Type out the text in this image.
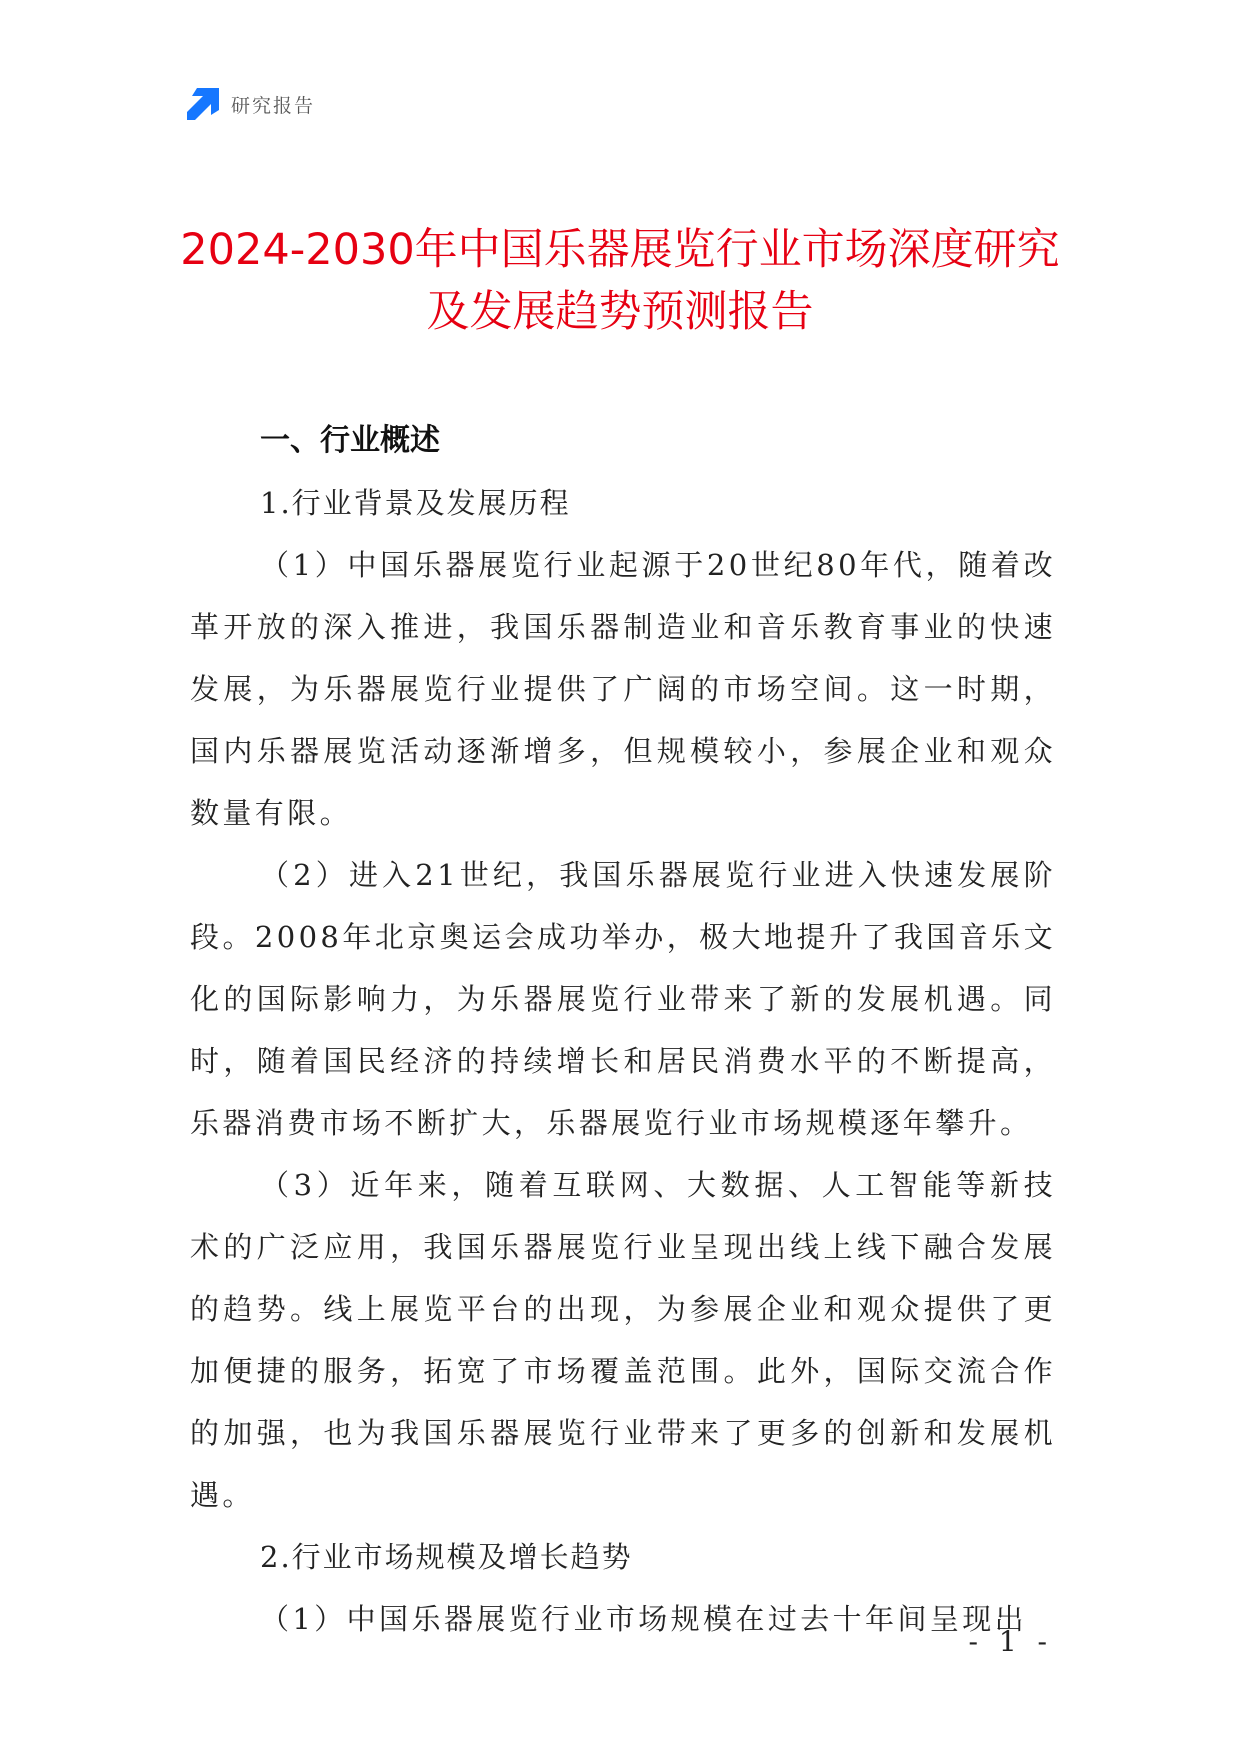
研究报告
2024-2030年中国乐器展览行业市场深度研究及发展趋势预测报告
一、行业概述
1.行业背景及发展历程

（1）中国乐器展览行业起源于20世纪80年代，随着改革开放的深入推进，我国乐器制造业和音乐教育事业的快速发展，为乐器展览行业提供了广阔的市场空间。这一时期，国内乐器展览活动逐渐增多，但规模较小，参展企业和观众数量有限。

（2）进入21世纪，我国乐器展览行业进入快速发展阶段。2008年北京奥运会成功举办，极大地提升了我国音乐文化的国际影响力，为乐器展览行业带来了新的发展机遇。同时，随着国民经济的持续增长和居民消费水平的不断提高，乐器消费市场不断扩大，乐器展览行业市场规模逐年攀升。

（3）近年来，随着互联网、大数据、人工智能等新技术的广泛应用，我国乐器展览行业呈现出线上线下融合发展的趋势。线上展览平台的出现，为参展企业和观众提供了更加便捷的服务，拓宽了市场覆盖范围。此外，国际交流合作的加强，也为我国乐器展览行业带来了更多的创新和发展机遇。

2.行业市场规模及增长趋势

（1）中国乐器展览行业市场规模在过去十年间呈现出

- 1 -
